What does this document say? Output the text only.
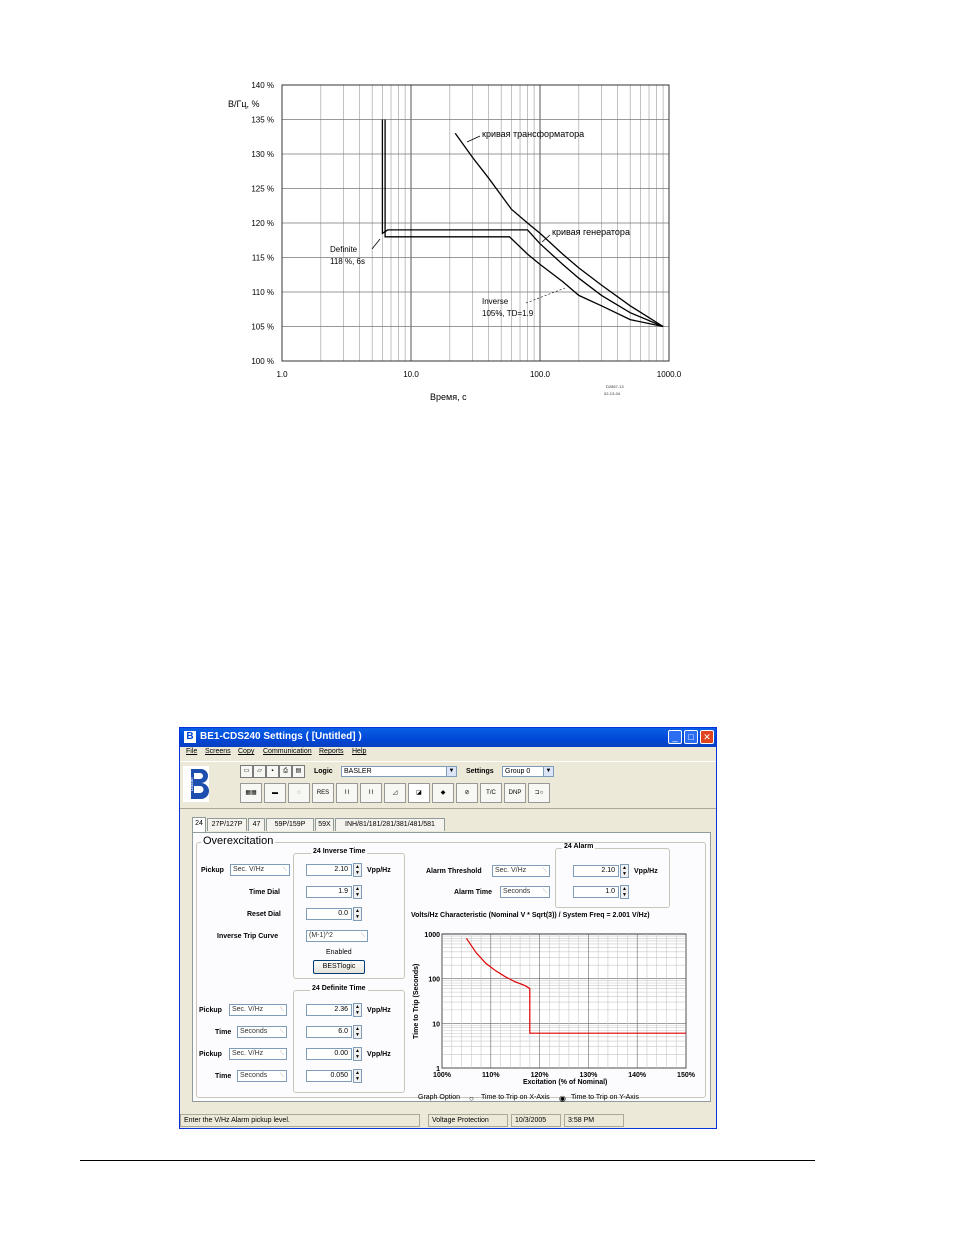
100 %
105 %
110 %
115 %
120 %
125 %
130 %
135 %
140 %
1.0	10.0	100.0	1000.0
кривая трансформатора
кривая генератора
Definite
118 %, 6s
Inverse
105%, TD=1.9
В/Гц, %
Время, с
D2857-13
02-13-04
B BE1-CDS240 Settings ( [Untitled] )	_	□	✕
File Screens Copy Communication Reports Help
Basler
▭	▱	▪	⎙	▤	Logic	BASLER	▼ Settings	Group 0	▼
▦▦	▬	◌	RES	⌇⌇	⌇⌇	◿	◪	◆	⊘	T/C	DNP	⊐○
24	27P/127P	47	59P/159P	59X	INH/81/181/281/381/481/581
Overexcitation
24 Inverse Time
Pickup	Sec. V/Hz ⟍	2.10	▲
▼ Vpp/Hz
Time Dial	1.9	▲
▼
Reset Dial	0.0	▲
▼
Inverse Trip Curve	(M-1)^2 ⟍
Enabled
BESTlogic
24 Definite Time
Pickup	Sec. V/Hz ⟍	2.36	▲
▼ Vpp/Hz
Time	Seconds ⟍	6.0	▲
▼
Pickup	Sec. V/Hz ⟍	0.00	▲
▼ Vpp/Hz
Time	Seconds ⟍	0.050	▲
▼
24 Alarm
Alarm Threshold	Sec. V/Hz ⟍	2.10	▲
▼ Vpp/Hz
Alarm Time	Seconds ⟍	1.0	▲
▼
Volts/Hz Characteristic (Nominal V * Sqrt(3)) / System Freq = 2.001 V/Hz)
100%	110%	120%	130%	140%	150%
1
10
100
1000
Excitation (% of Nominal)
Time to Trip (Seconds)
Graph Option ○ Time to Trip on X-Axis ◉ Time to Trip on Y-Axis
Enter the V/Hz Alarm pickup level.	Voltage Protection	10/3/2005	3:58 PM
